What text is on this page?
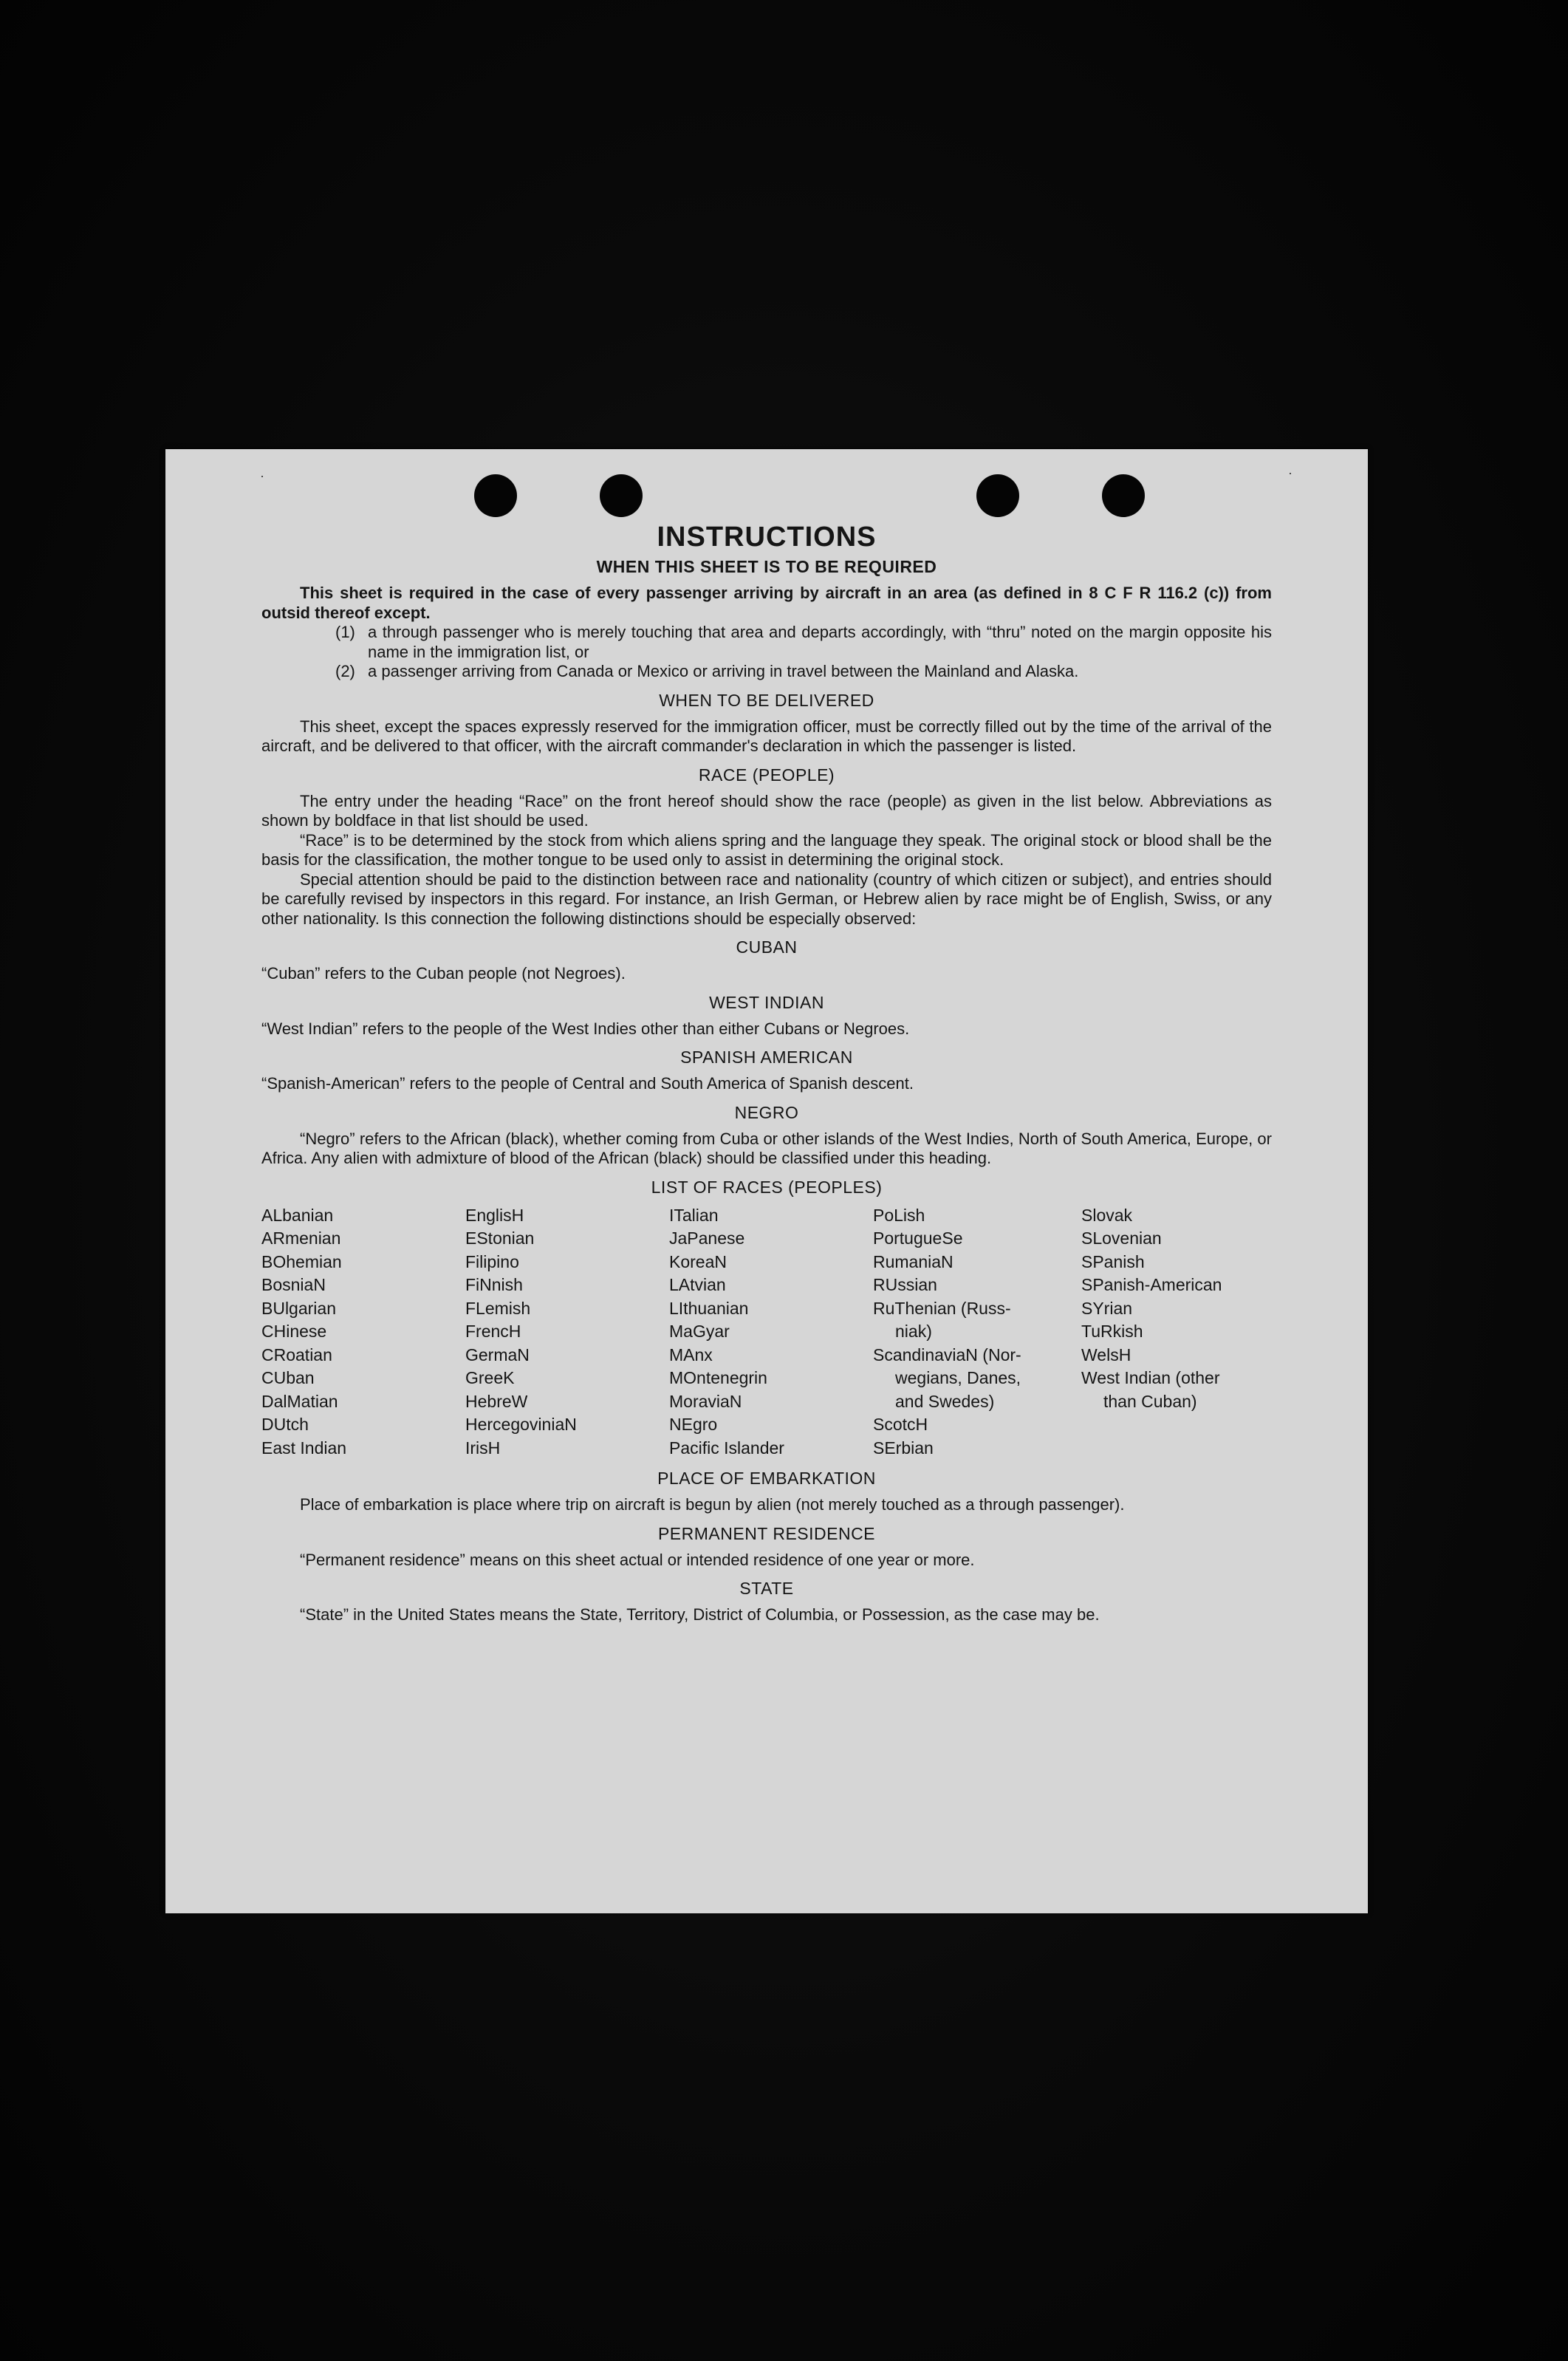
·	·
INSTRUCTIONS
WHEN THIS SHEET IS TO BE REQUIRED

This sheet is required in the case of every passenger arriving by aircraft in an area (as defined in 8 C F R 116.2 (c)) from outsid thereof except.

(1) a through passenger who is merely touching that area and departs accordingly, with “thru” noted on the margin opposite his name in the immigration list, or
(2) a passenger arriving from Canada or Mexico or arriving in travel between the Mainland and Alaska.
WHEN TO BE DELIVERED

This sheet, except the spaces expressly reserved for the immigration officer, must be correctly filled out by the time of the arrival of the aircraft, and be delivered to that officer, with the aircraft commander's declaration in which the passenger is listed.

RACE (PEOPLE)

The entry under the heading “Race” on the front hereof should show the race (people) as given in the list below. Abbreviations as shown by boldface in that list should be used.

“Race” is to be determined by the stock from which aliens spring and the language they speak. The original stock or blood shall be the basis for the classification, the mother tongue to be used only to assist in determining the original stock.

Special attention should be paid to the distinction between race and nationality (country of which citizen or subject), and entries should be carefully revised by inspectors in this regard. For instance, an Irish German, or Hebrew alien by race might be of English, Swiss, or any other nationality. Is this connection the following distinctions should be especially observed:

CUBAN

“Cuban” refers to the Cuban people (not Negroes).

WEST INDIAN

“West Indian” refers to the people of the West Indies other than either Cubans or Negroes.

SPANISH AMERICAN

“Spanish-American” refers to the people of Central and South America of Spanish descent.

NEGRO

“Negro” refers to the African (black), whether coming from Cuba or other islands of the West Indies, North of South America, Europe, or Africa. Any alien with admixture of blood of the African (black) should be classified under this heading.

LIST OF RACES (PEOPLES)
ALbanian
ARmenian
BOhemian
BosniaN
BUlgarian
CHinese
CRoatian
CUban
DalMatian
DUtch
East Indian
EnglisH
EStonian
Filipino
FiNnish
FLemish
FrencH
GermaN
GreeK
HebreW
HercegoviniaN
IrisH
ITalian
JaPanese
KoreaN
LAtvian
LIthuanian
MaGyar
MAnx
MOntenegrin
MoraviaN
NEgro
Pacific Islander
PoLish
PortugueSe
RumaniaN
RUssian
RuThenian (Russ-
niak)
ScandinaviaN (Nor-
wegians, Danes,
and Swedes)
ScotcH
SErbian
Slovak
SLovenian
SPanish
SPanish-American
SYrian
TuRkish
WelsH
West Indian (other
than Cuban)
PLACE OF EMBARKATION

Place of embarkation is place where trip on aircraft is begun by alien (not merely touched as a through passenger).

PERMANENT RESIDENCE

“Permanent residence” means on this sheet actual or intended residence of one year or more.

STATE

“State” in the United States means the State, Territory, District of Columbia, or Possession, as the case may be.
